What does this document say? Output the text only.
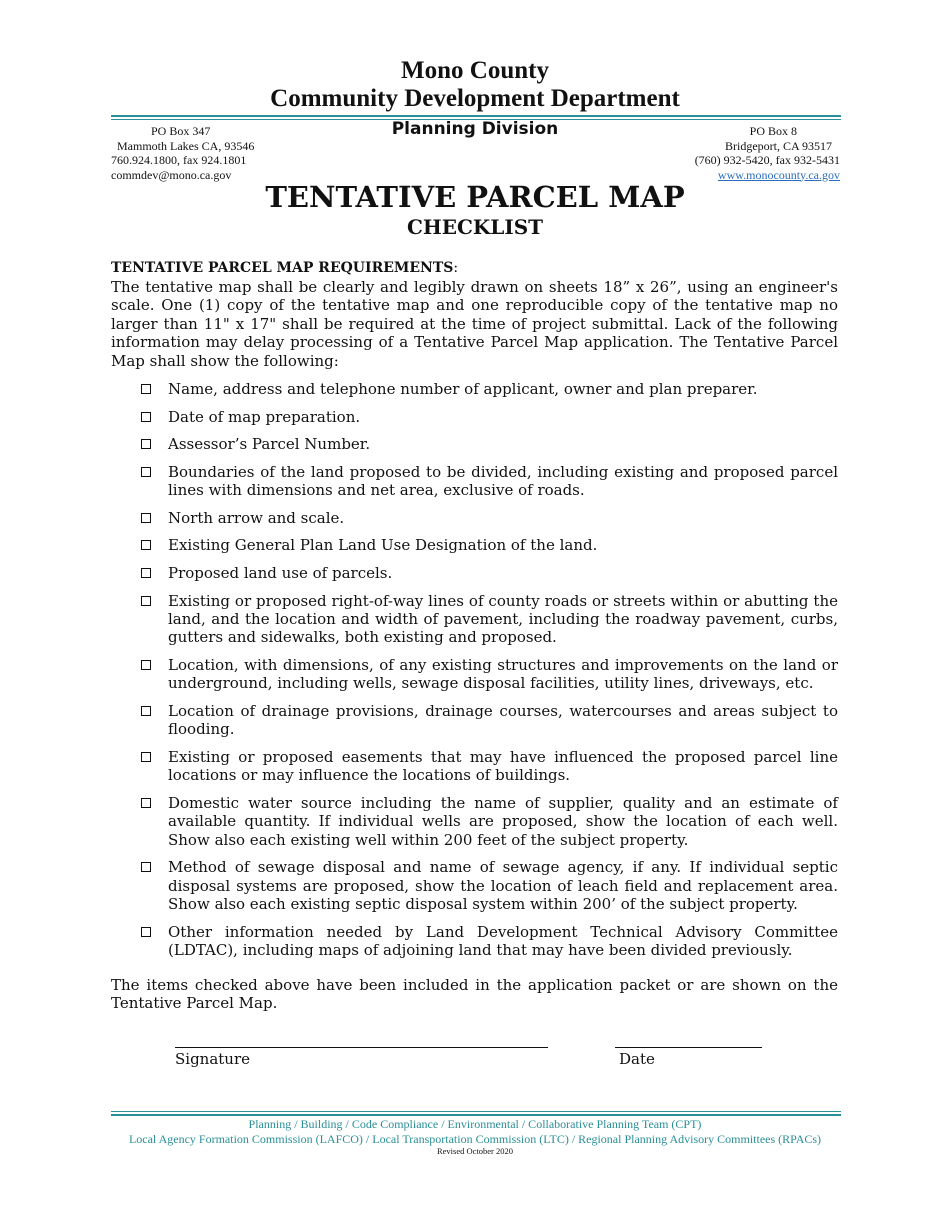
Mono County
Community Development Department
Planning Division
PO Box 347
Mammoth Lakes CA, 93546
760.924.1800, fax 924.1801
commdev@mono.ca.gov
PO Box 8
Bridgeport, CA 93517
(760) 932-5420, fax 932-5431
www.monocounty.ca.gov
TENTATIVE PARCEL MAP
CHECKLIST
TENTATIVE PARCEL MAP REQUIREMENTS:
The tentative map shall be clearly and legibly drawn on sheets 18” x 26”, using an engineer's scale. One (1) copy of the tentative map and one reproducible copy of the tentative map no larger than 11" x 17" shall be required at the time of project submittal. Lack of the following information may delay processing of a Tentative Parcel Map application. The Tentative Parcel Map shall show the following:
Name, address and telephone number of applicant, owner and plan preparer.
Date of map preparation.
Assessor’s Parcel Number.
Boundaries of the land proposed to be divided, including existing and proposed parcel lines with dimensions and net area, exclusive of roads.
North arrow and scale.
Existing General Plan Land Use Designation of the land.
Proposed land use of parcels.
Existing or proposed right-of-way lines of county roads or streets within or abutting the land, and the location and width of pavement, including the roadway pavement, curbs, gutters and sidewalks, both existing and proposed.
Location, with dimensions, of any existing structures and improvements on the land or underground, including wells, sewage disposal facilities, utility lines, driveways, etc.
Location of drainage provisions, drainage courses, watercourses and areas subject to flooding.
Existing or proposed easements that may have influenced the proposed parcel line locations or may influence the locations of buildings.
Domestic water source including the name of supplier, quality and an estimate of available quantity. If individual wells are proposed, show the location of each well. Show also each existing well within 200 feet of the subject property.
Method of sewage disposal and name of sewage agency, if any. If individual septic disposal systems are proposed, show the location of leach field and replacement area. Show also each existing septic disposal system within 200’ of the subject property.
Other information needed by Land Development Technical Advisory Committee (LDTAC), including maps of adjoining land that may have been divided previously.
The items checked above have been included in the application packet or are shown on the Tentative Parcel Map.
Signature	Date
Planning / Building / Code Compliance / Environmental / Collaborative Planning Team (CPT)
Local Agency Formation Commission (LAFCO) / Local Transportation Commission (LTC) / Regional Planning Advisory Committees (RPACs)
Revised October 2020
